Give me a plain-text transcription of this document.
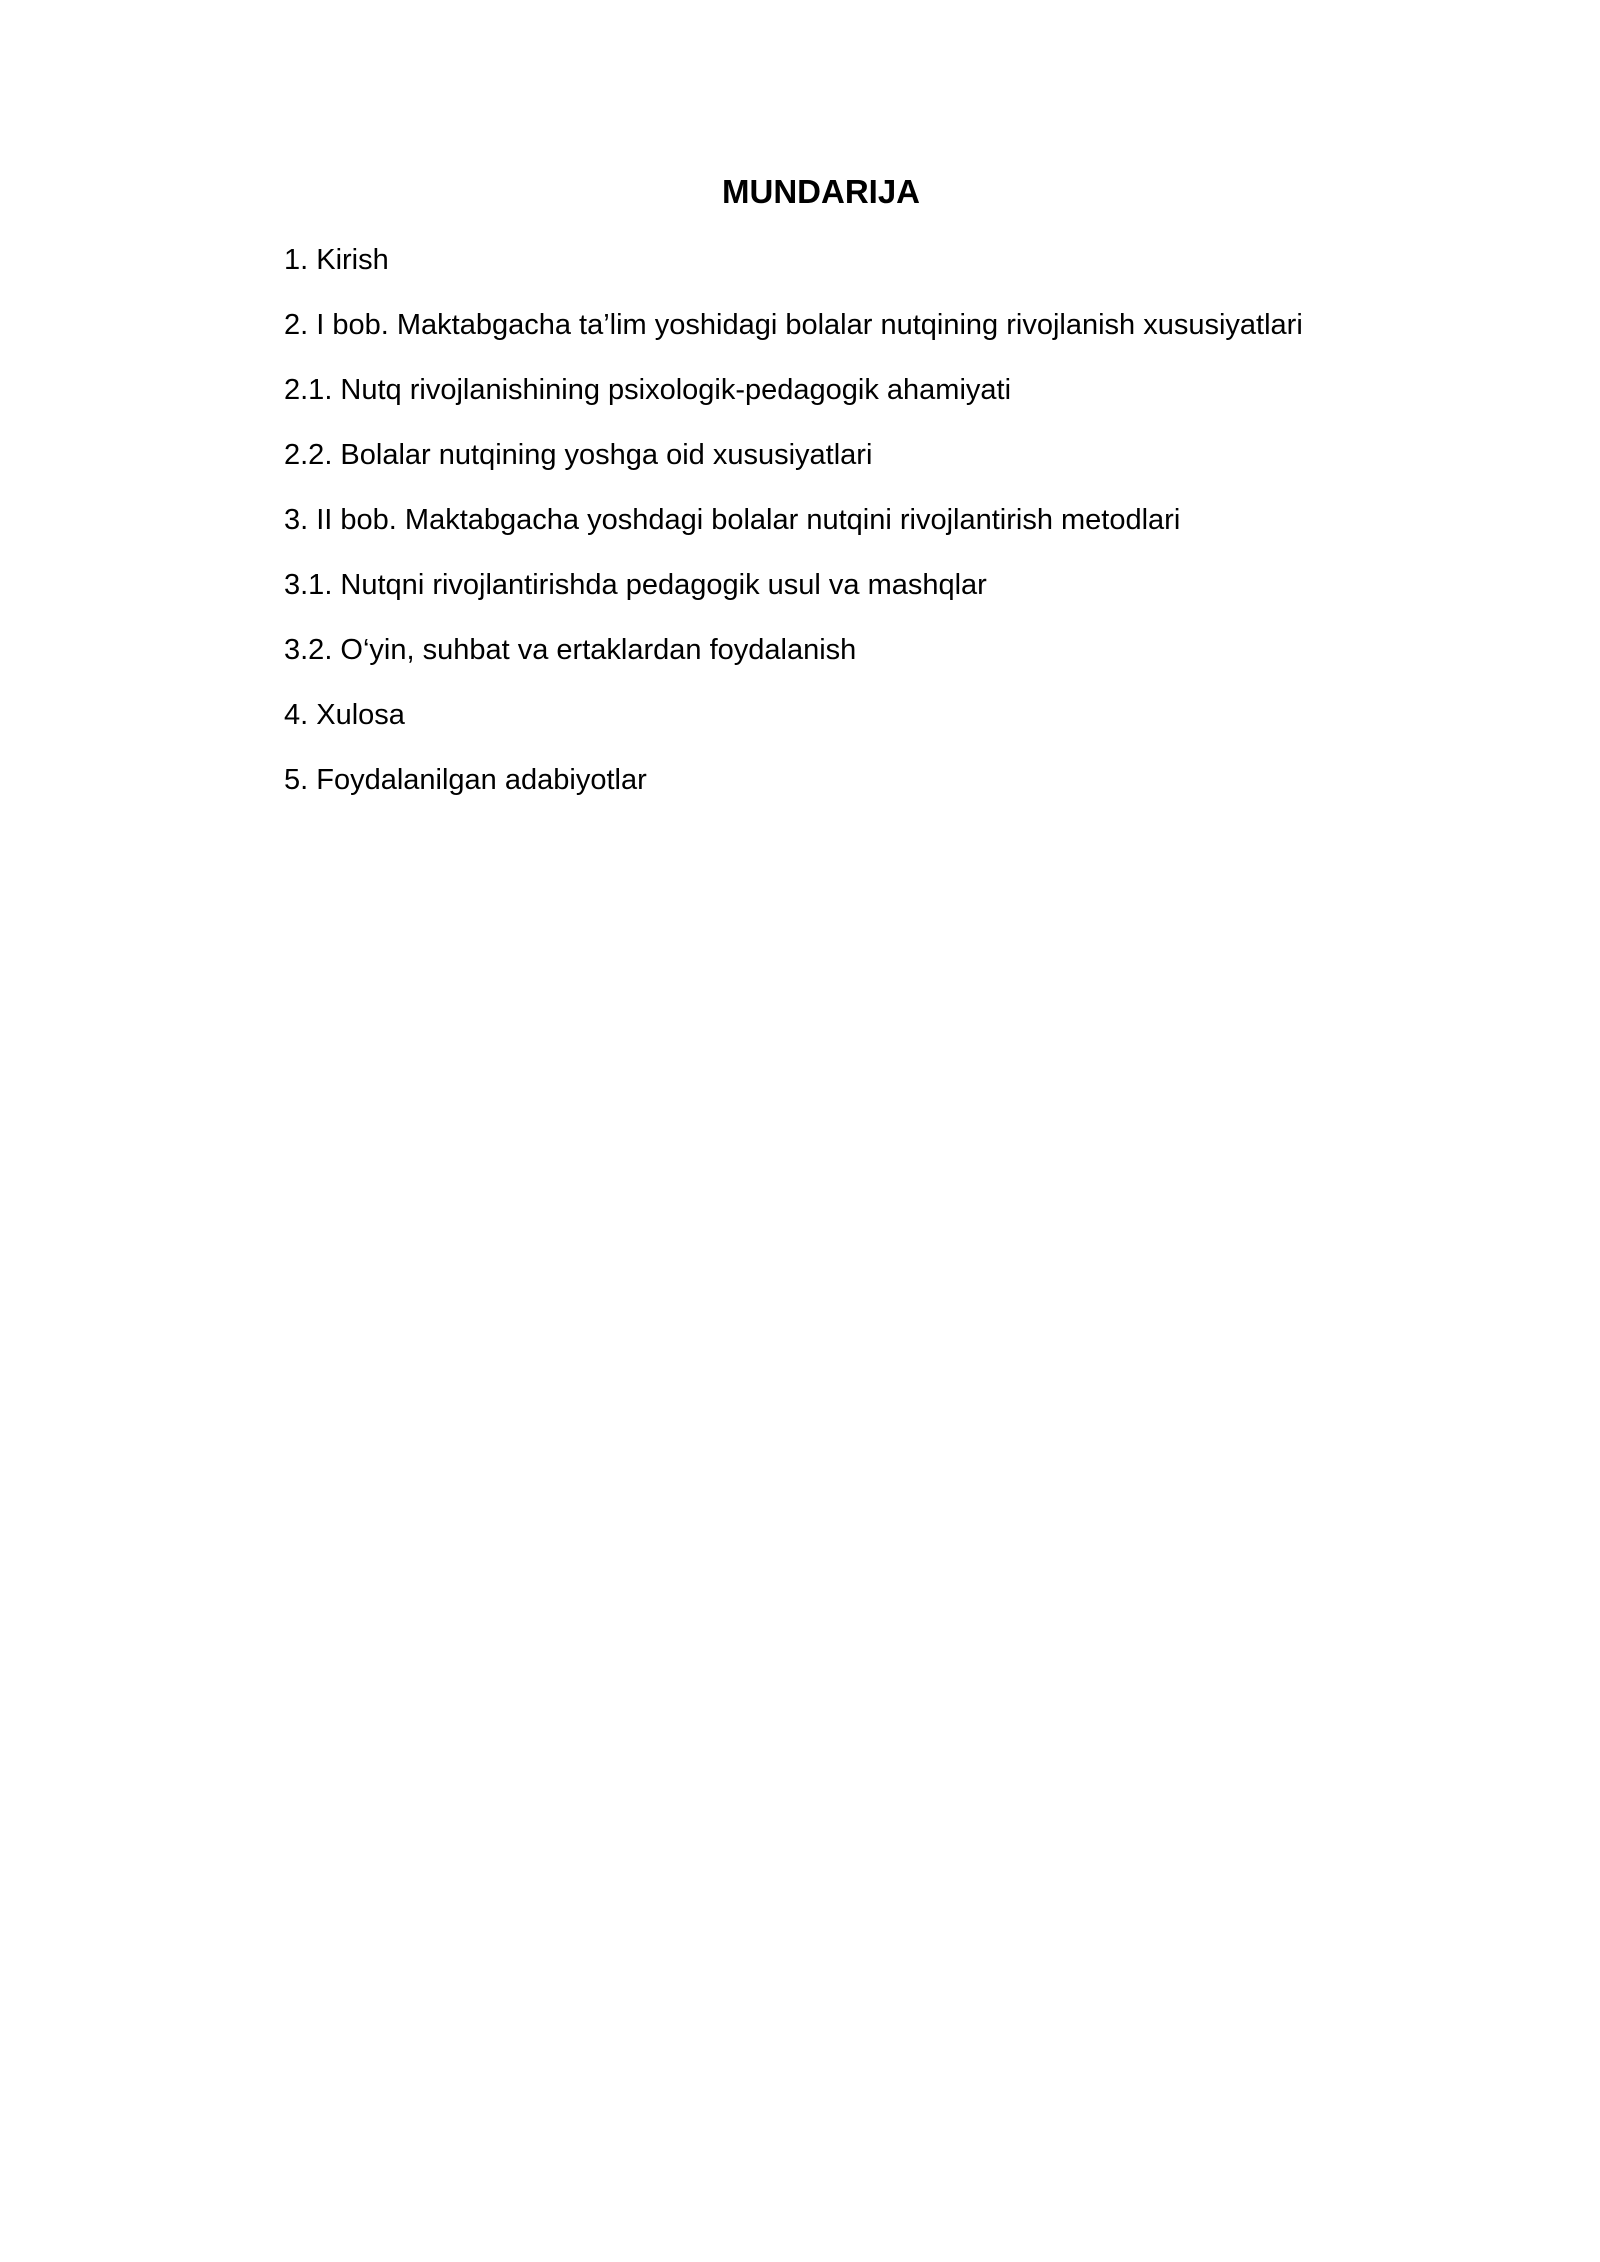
MUNDARIJA
1. Kirish
2. I bob. Maktabgacha ta’lim yoshidagi bolalar nutqining rivojlanish xususiyatlari
2.1. Nutq rivojlanishining psixologik-pedagogik ahamiyati
2.2. Bolalar nutqining yoshga oid xususiyatlari
3. II bob. Maktabgacha yoshdagi bolalar nutqini rivojlantirish metodlari
3.1. Nutqni rivojlantirishda pedagogik usul va mashqlar
3.2. O‘yin, suhbat va ertaklardan foydalanish
4. Xulosa
5. Foydalanilgan adabiyotlar
